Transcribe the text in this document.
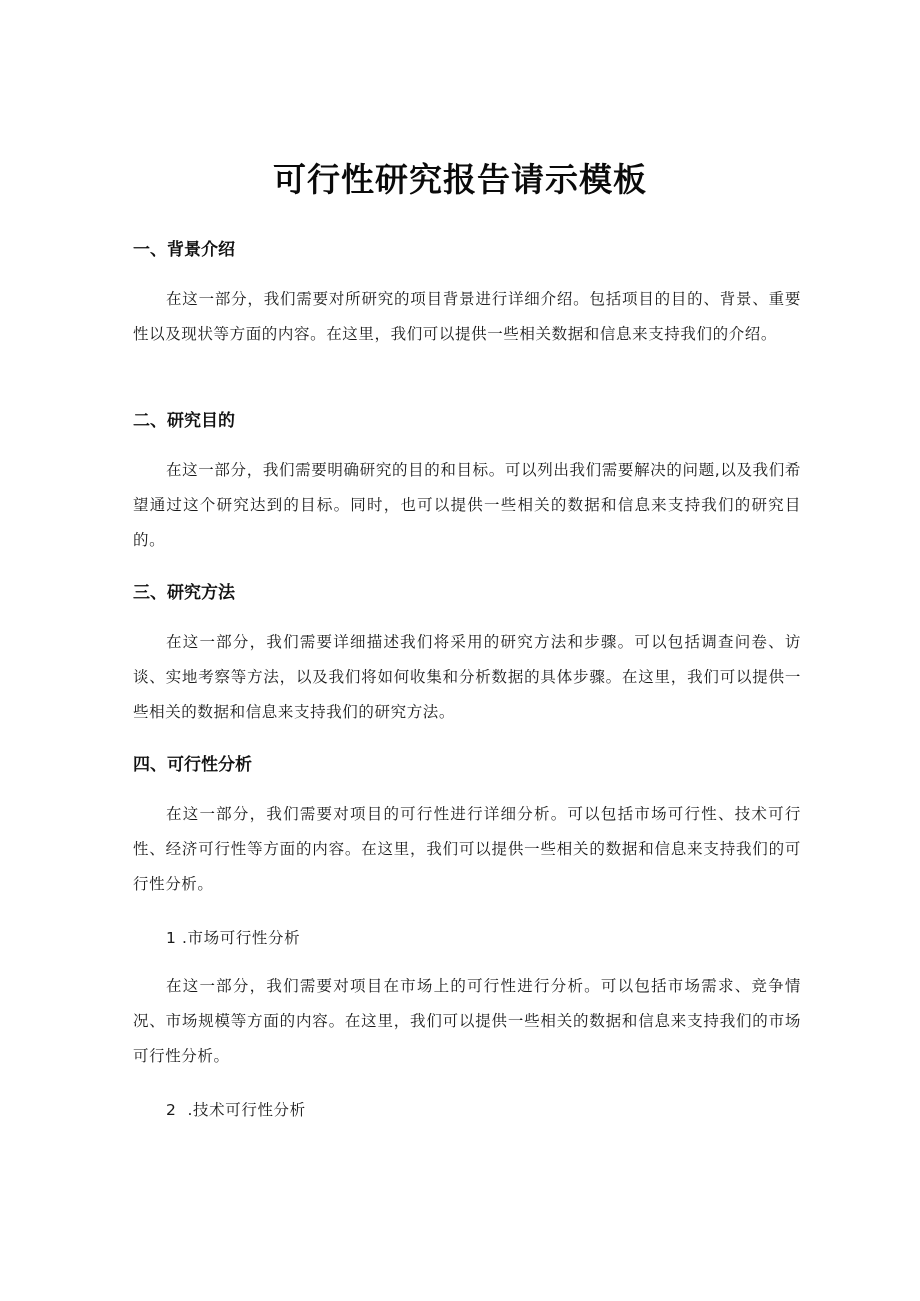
可行性研究报告请示模板
一、背景介绍

在这一部分，我们需要对所研究的项目背景进行详细介绍。包括项目的目的、背景、重要性以及现状等方面的内容。在这里，我们可以提供一些相关数据和信息来支持我们的介绍。

二、研究目的

在这一部分，我们需要明确研究的目的和目标。可以列出我们需要解决的问题,以及我们希望通过这个研究达到的目标。同时，也可以提供一些相关的数据和信息来支持我们的研究目的。

三、研究方法

在这一部分，我们需要详细描述我们将采用的研究方法和步骤。可以包括调查问卷、访谈、实地考察等方法，以及我们将如何收集和分析数据的具体步骤。在这里，我们可以提供一些相关的数据和信息来支持我们的研究方法。

四、可行性分析

在这一部分，我们需要对项目的可行性进行详细分析。可以包括市场可行性、技术可行性、经济可行性等方面的内容。在这里，我们可以提供一些相关的数据和信息来支持我们的可行性分析。

1 .市场可行性分析

在这一部分，我们需要对项目在市场上的可行性进行分析。可以包括市场需求、竞争情况、市场规模等方面的内容。在这里，我们可以提供一些相关的数据和信息来支持我们的市场可行性分析。

2  .技术可行性分析
